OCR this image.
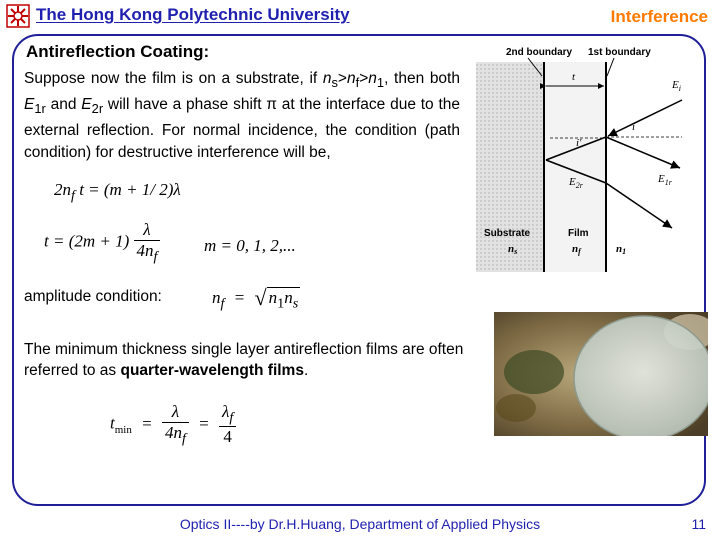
The Hong Kong Polytechnic University	Interference
Antireflection Coating:
Suppose now the film is on a substrate, if $n_s>n_f>n_1$, then both $E_{1r}$ and $E_{2r}$ will have a phase shift π at the interface due to the external reflection. For normal incidence, the condition (path condition) for destructive interference will be,
$2n_f$ t = (m + 1/ 2)λ
$t = (2m + 1) \frac{\lambda}{4n_f}$	m = 0, 1, 2,...
amplitude condition:	$n_f$ = √ $n_1n_s$
The minimum thickness single layer antireflection films are often referred to as quarter-wavelength films.
$t_{min} = \frac{\lambda}{4n_f} = \frac{\lambda_f}{4}$
2nd boundary 1st boundary
t
$E_i$
i
i'
$E_{2r}$
$E_{1r}$
Substrate	Film
ns	nf	n1
Optics II----by Dr.H.Huang, Department of Applied Physics	11
